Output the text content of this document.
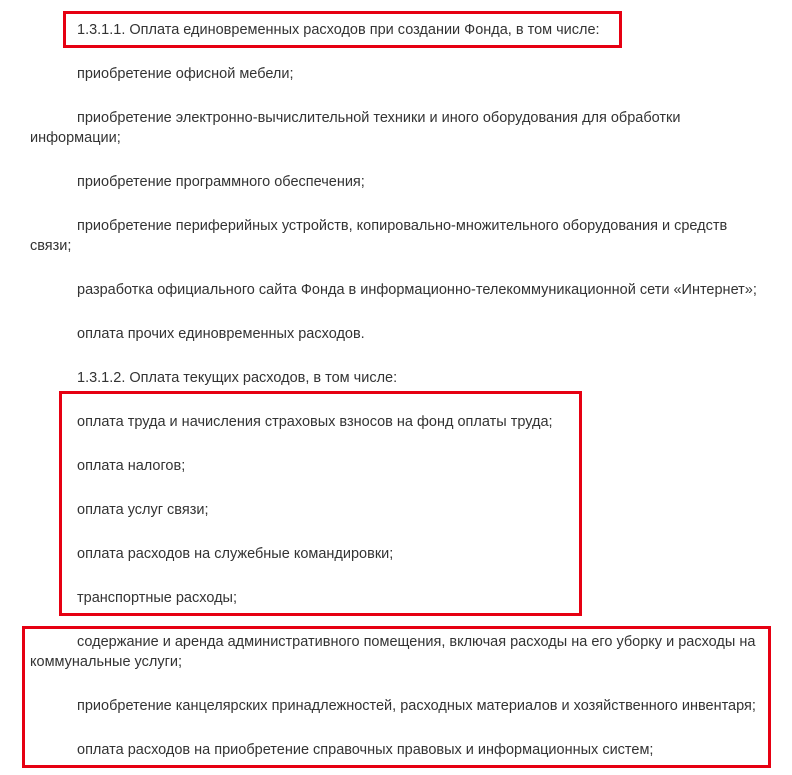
1.3.1.1. Оплата единовременных расходов при создании Фонда, в том числе:

приобретение офисной мебели;

приобретение электронно-вычислительной техники и иного оборудования для обработки информации;

приобретение программного обеспечения;

приобретение периферийных устройств, копировально-множительного оборудования и средств связи;

разработка официального сайта Фонда в информационно-телекоммуникационной сети «Интернет»;

оплата прочих единовременных расходов.

1.3.1.2. Оплата текущих расходов, в том числе:

оплата труда и начисления страховых взносов на фонд оплаты труда;

оплата налогов;

оплата услуг связи;

оплата расходов на служебные командировки;

транспортные расходы;

содержание и аренда административного помещения, включая расходы на его уборку и расходы на коммунальные услуги;

приобретение канцелярских принадлежностей, расходных материалов и хозяйственного инвентаря;

оплата расходов на приобретение справочных правовых и информационных систем;
